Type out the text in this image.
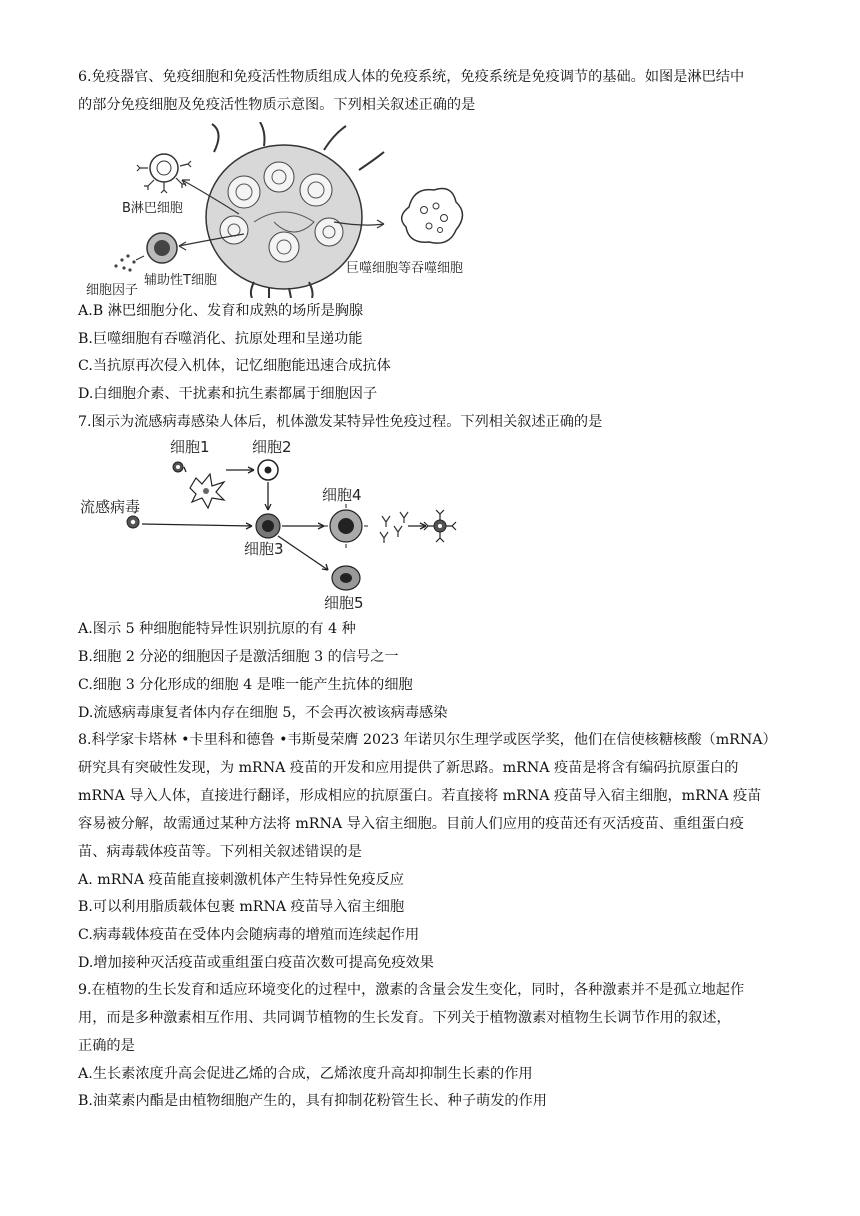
6.免疫器官、免疫细胞和免疫活性物质组成人体的免疫系统，免疫系统是免疫调节的基础。如图是淋巴结中
的部分免疫细胞及免疫活性物质示意图。下列相关叙述正确的是
B淋巴细胞
辅助性T细胞
细胞因子
巨噬细胞等吞噬细胞
A.B 淋巴细胞分化、发育和成熟的场所是胸腺
B.巨噬细胞有吞噬消化、抗原处理和呈递功能
C.当抗原再次侵入机体，记忆细胞能迅速合成抗体
D.白细胞介素、干扰素和抗生素都属于细胞因子
7.图示为流感病毒感染人体后，机体激发某特异性免疫过程。下列相关叙述正确的是
细胞1	细胞2
流感病毒
细胞4
细胞3
细胞5
A.图示 5 种细胞能特异性识别抗原的有 4 种
B.细胞 2 分泌的细胞因子是激活细胞 3 的信号之一
C.细胞 3 分化形成的细胞 4 是唯一能产生抗体的细胞
D.流感病毒康复者体内存在细胞 5，不会再次被该病毒感染
8.科学家卡塔林 •卡里科和德鲁 •韦斯曼荣膺 2023 年诺贝尔生理学或医学奖，他们在信使核糖核酸（mRNA）
研究具有突破性发现，为 mRNA 疫苗的开发和应用提供了新思路。mRNA 疫苗是将含有编码抗原蛋白的
mRNA 导入人体，直接进行翻译，形成相应的抗原蛋白。若直接将 mRNA 疫苗导入宿主细胞，mRNA 疫苗
容易被分解，故需通过某种方法将 mRNA 导入宿主细胞。目前人们应用的疫苗还有灭活疫苗、重组蛋白疫
苗、病毒载体疫苗等。下列相关叙述错误的是
A. mRNA 疫苗能直接刺激机体产生特异性免疫反应
B.可以利用脂质载体包裹 mRNA 疫苗导入宿主细胞
C.病毒载体疫苗在受体内会随病毒的增殖而连续起作用
D.增加接种灭活疫苗或重组蛋白疫苗次数可提高免疫效果
9.在植物的生长发育和适应环境变化的过程中，激素的含量会发生变化，同时，各种激素并不是孤立地起作
用，而是多种激素相互作用、共同调节植物的生长发育。下列关于植物激素对植物生长调节作用的叙述，
正确的是
A.生长素浓度升高会促进乙烯的合成，乙烯浓度升高却抑制生长素的作用
B.油菜素内酯是由植物细胞产生的，具有抑制花粉管生长、种子萌发的作用
